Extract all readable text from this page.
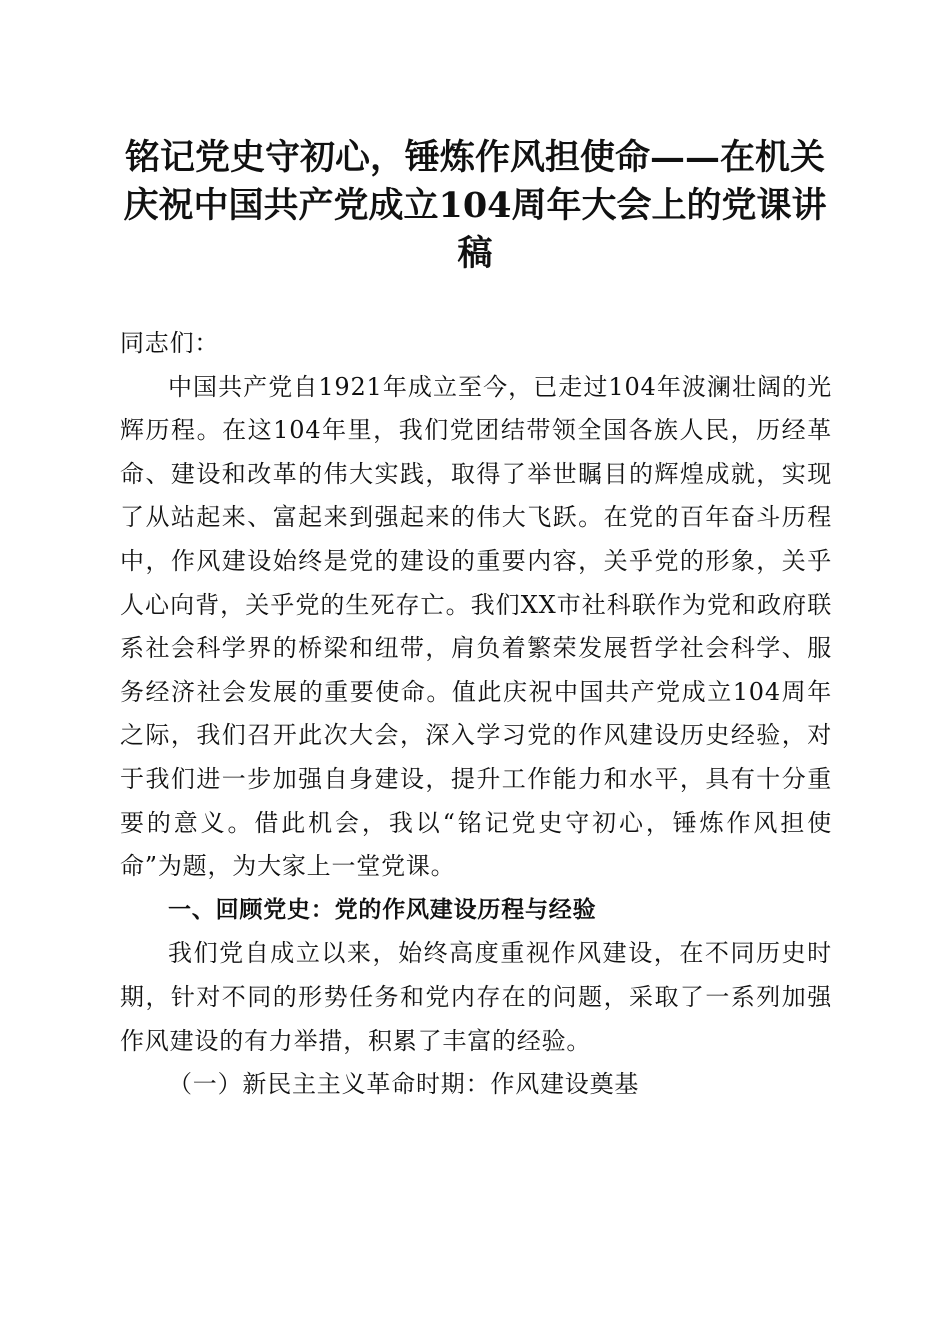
铭记党史守初心，锤炼作风担使命——在机关庆祝中国共产党成立104周年大会上的党课讲稿

同志们：

中国共产党自1921年成立至今，已走过104年波澜壮阔的光辉历程。在这104年里，我们党团结带领全国各族人民，历经革命、建设和改革的伟大实践，取得了举世瞩目的辉煌成就，实现了从站起来、富起来到强起来的伟大飞跃。在党的百年奋斗历程中，作风建设始终是党的建设的重要内容，关乎党的形象，关乎人心向背，关乎党的生死存亡。我们XX市社科联作为党和政府联系社会科学界的桥梁和纽带，肩负着繁荣发展哲学社会科学、服务经济社会发展的重要使命。值此庆祝中国共产党成立104周年之际，我们召开此次大会，深入学习党的作风建设历史经验，对于我们进一步加强自身建设，提升工作能力和水平，具有十分重要的意义。借此机会，我以“铭记党史守初心，锤炼作风担使命”为题，为大家上一堂党课。

一、回顾党史：党的作风建设历程与经验

我们党自成立以来，始终高度重视作风建设，在不同历史时期，针对不同的形势任务和党内存在的问题，采取了一系列加强作风建设的有力举措，积累了丰富的经验。

（一）新民主主义革命时期：作风建设奠基
